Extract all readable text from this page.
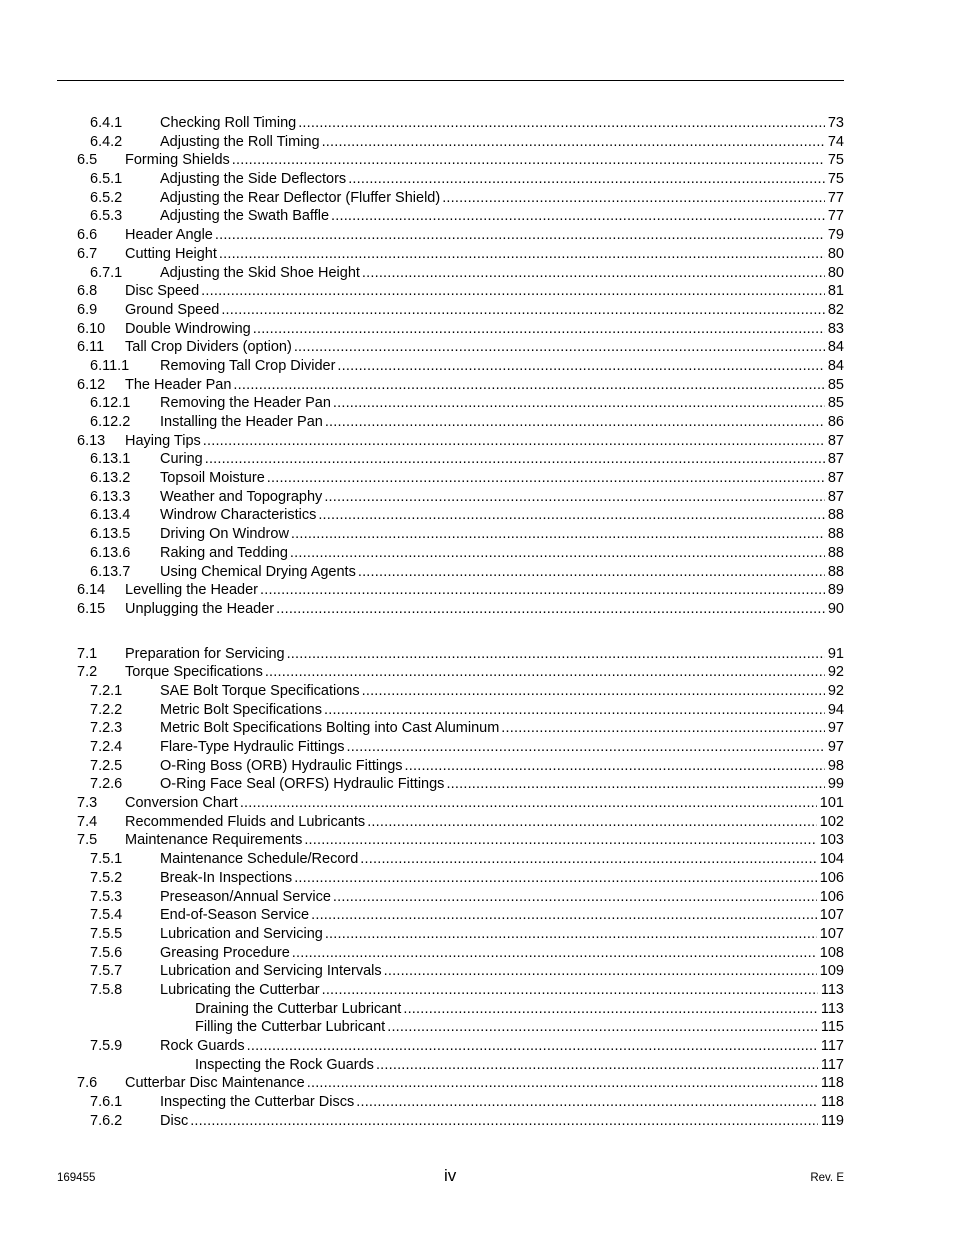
6.4.1	Checking Roll Timing .....	73
6.4.2	Adjusting the Roll Timing .....	74
6.5 Forming Shields .....	75
6.5.1	Adjusting the Side Deflectors .....	75
6.5.2	Adjusting the Rear Deflector (Fluffer Shield) .....	77
6.5.3	Adjusting the Swath Baffle .....	77
6.6 Header Angle .....	79
6.7 Cutting Height .....	80
6.7.1	Adjusting the Skid Shoe Height .....	80
6.8 Disc Speed .....	81
6.9 Ground Speed .....	82
6.10 Double Windrowing .....	83
6.11 Tall Crop Dividers (option) .....	84
6.11.1 Removing Tall Crop Divider .....	84
6.12 The Header Pan .....	85
6.12.1 Removing the Header Pan .....	85
6.12.2 Installing the Header Pan .....	86
6.13 Haying Tips .....	87
6.13.1 Curing .....	87
6.13.2 Topsoil Moisture .....	87
6.13.3 Weather and Topography .....	87
6.13.4 Windrow Characteristics .....	88
6.13.5 Driving On Windrow .....	88
6.13.6 Raking and Tedding .....	88
6.13.7 Using Chemical Drying Agents .....	88
6.14 Levelling the Header .....	89
6.15 Unplugging the Header .....	90
7.1 Preparation for Servicing .....	91
7.2 Torque Specifications .....	92
7.2.1	SAE Bolt Torque Specifications .....	92
7.2.2	Metric Bolt Specifications .....	94
7.2.3	Metric Bolt Specifications Bolting into Cast Aluminum .....	97
7.2.4	Flare-Type Hydraulic Fittings .....	97
7.2.5	O-Ring Boss (ORB) Hydraulic Fittings .....	98
7.2.6	O-Ring Face Seal (ORFS) Hydraulic Fittings .....	99
7.3 Conversion Chart .....	101
7.4 Recommended Fluids and Lubricants .....	102
7.5 Maintenance Requirements .....	103
7.5.1	Maintenance Schedule/Record .....	104
7.5.2	Break-In Inspections .....	106
7.5.3	Preseason/Annual Service .....	106
7.5.4	End-of-Season Service .....	107
7.5.5	Lubrication and Servicing .....	107
7.5.6	Greasing Procedure .....	108
7.5.7	Lubrication and Servicing Intervals .....	109
7.5.8	Lubricating the Cutterbar .....	113
Draining the Cutterbar Lubricant .....	113
Filling the Cutterbar Lubricant .....	115
7.5.9	Rock Guards .....	117
Inspecting the Rock Guards .....	117
7.6 Cutterbar Disc Maintenance .....	118
7.6.1	Inspecting the Cutterbar Discs .....	118
7.6.2	Disc .....	119
169455	iv	Rev. E
